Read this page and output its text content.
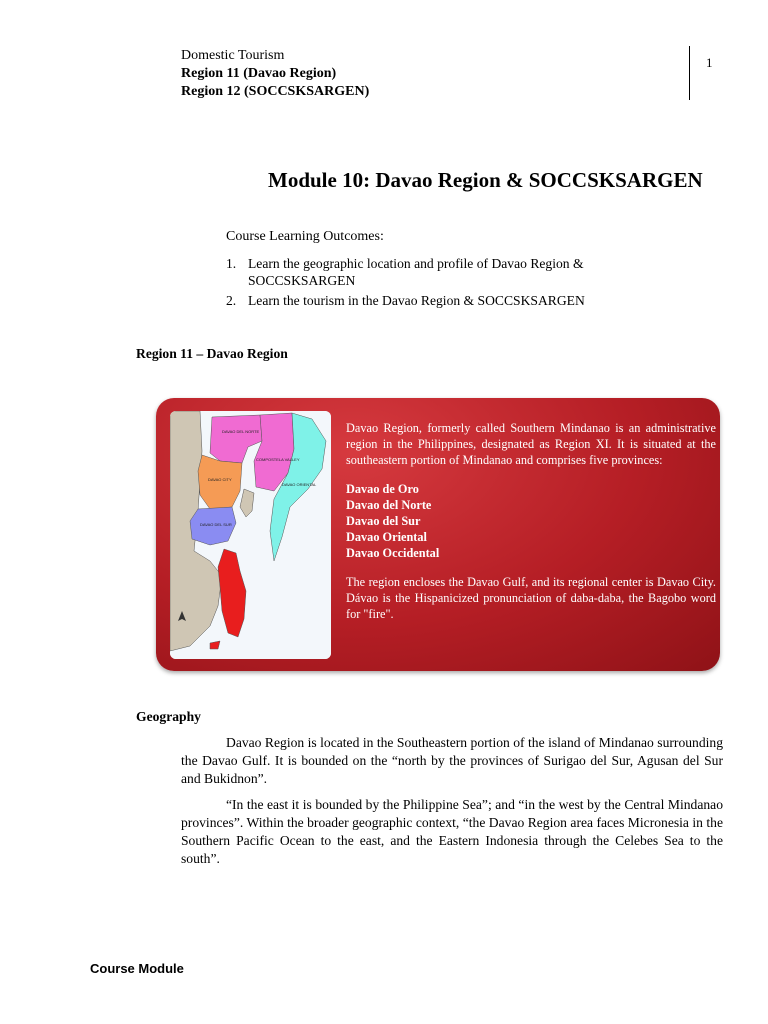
Domestic Tourism
Region 11 (Davao Region)
Region 12 (SOCCSKSARGEN)
1
Module 10: Davao Region & SOCCSKSARGEN
Course Learning Outcomes:
1. Learn the geographic location and profile of Davao Region & SOCCSKSARGEN
2. Learn the tourism in the Davao Region & SOCCSKSARGEN
Region 11 – Davao Region
DAVAO DEL NORTE
COMPOSTELA VALLEY
DAVAO CITY
DAVAO ORIENTAL
DAVAO DEL SUR

Davao Region, formerly called Southern Mindanao is an administrative region in the Philippines, designated as Region XI. It is situated at the southeastern portion of Mindanao and comprises five provinces:

Davao de Oro
Davao del Norte
Davao del Sur
Davao Oriental
Davao Occidental

The region encloses the Davao Gulf, and its regional center is Davao City. Dávao is the Hispanicized pronunciation of daba-daba, the Bagobo word for "fire".

Geography
Davao Region is located in the Southeastern portion of the island of Mindanao surrounding the Davao Gulf. It is bounded on the “north by the provinces of Surigao del Sur, Agusan del Sur and Bukidnon”.
“In the east it is bounded by the Philippine Sea”; and “in the west by the Central Mindanao provinces”. Within the broader geographic context, “the Davao Region area faces Micronesia in the Southern Pacific Ocean to the east, and the Eastern Indonesia through the Celebes Sea to the south”.
Course Module
